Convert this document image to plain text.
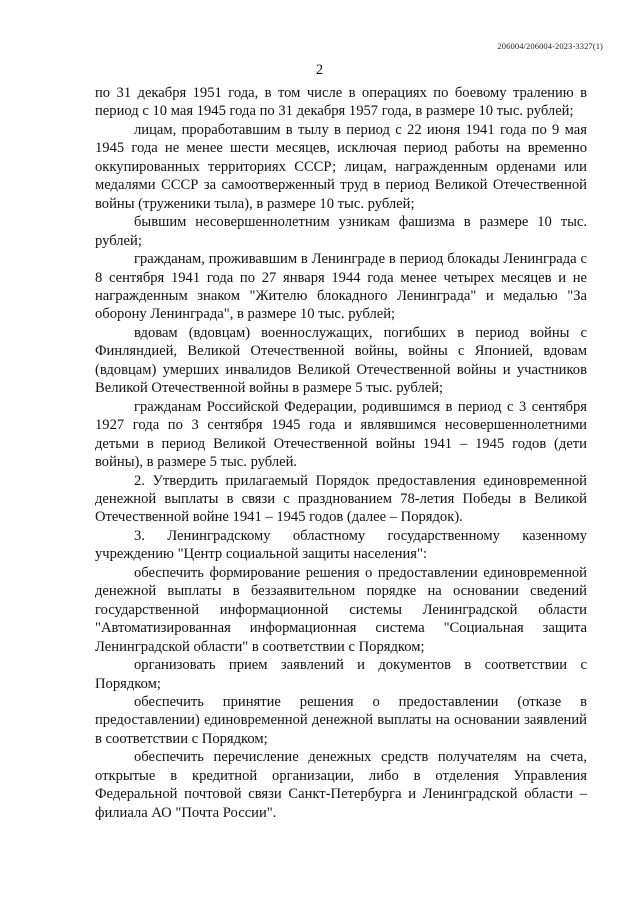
206004/206004-2023-3327(1)
2

по 31 декабря 1951 года, в том числе в операциях по боевому тралению в период с 10 мая 1945 года по 31 декабря 1957 года, в размере 10 тыс. рублей;

лицам, проработавшим в тылу в период с 22 июня 1941 года по 9 мая 1945 года не менее шести месяцев, исключая период работы на временно оккупированных территориях СССР; лицам, награжденным орденами или медалями СССР за самоотверженный труд в период Великой Отечественной войны (труженики тыла), в размере 10 тыс. рублей;

бывшим несовершеннолетним узникам фашизма в размере 10 тыс. рублей;

гражданам, проживавшим в Ленинграде в период блокады Ленинграда с 8 сентября 1941 года по 27 января 1944 года менее четырех месяцев и не награжденным знаком "Жителю блокадного Ленинграда" и медалью "За оборону Ленинграда", в размере 10 тыс. рублей;

вдовам (вдовцам) военнослужащих, погибших в период войны с Финляндией, Великой Отечественной войны, войны с Японией, вдовам (вдовцам) умерших инвалидов Великой Отечественной войны и участников Великой Отечественной войны в размере 5 тыс. рублей;

гражданам Российской Федерации, родившимся в период с 3 сентября 1927 года по 3 сентября 1945 года и являвшимся несовершеннолетними детьми в период Великой Отечественной войны 1941 – 1945 годов (дети войны), в размере 5 тыс. рублей.

2. Утвердить прилагаемый Порядок предоставления единовременной денежной выплаты в связи с празднованием 78-летия Победы в Великой Отечественной войне 1941 – 1945 годов (далее – Порядок).

3. Ленинградскому областному государственному казенному учреждению "Центр социальной защиты населения":

обеспечить формирование решения о предоставлении единовременной денежной выплаты в беззаявительном порядке на основании сведений государственной информационной системы Ленинградской области "Автоматизированная информационная система "Социальная защита Ленинградской области" в соответствии с Порядком;

организовать прием заявлений и документов в соответствии с Порядком;

обеспечить принятие решения о предоставлении (отказе в предоставлении) единовременной денежной выплаты на основании заявлений в соответствии с Порядком;

обеспечить перечисление денежных средств получателям на счета, открытые в кредитной организации, либо в отделения Управления Федеральной почтовой связи Санкт-Петербурга и Ленинградской области – филиала АО "Почта России".
